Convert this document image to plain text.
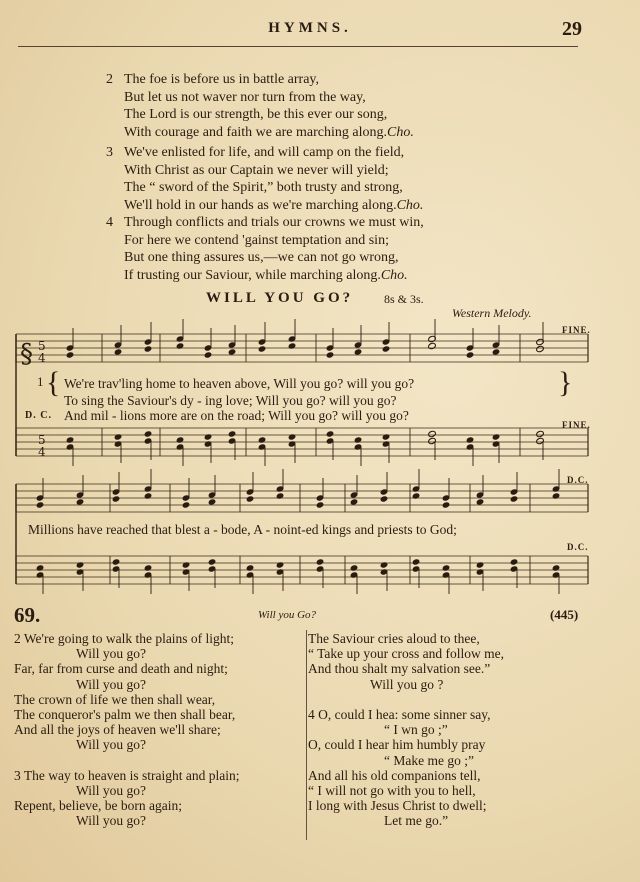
HYMNS.	29
2 The foe is before us in battle array,
But let us not waver nor turn from the way,
The Lord is our strength, be this ever our song,
With courage and faith we are marching along.Cho.
3 We've enlisted for life, and will camp on the field,
With Christ as our Captain we never will yield;
The “ sword of the Spirit,” both trusty and strong,
We'll hold in our hands as we're marching along.Cho.
4 Through conflicts and trials our crowns we must win,
For here we contend 'gainst temptation and sin;
But one thing assures us,—we can not go wrong,
If trusting our Saviour, while marching along.Cho.
WILL YOU GO?	8s & 3s.
Western Melody.
§ 5
4
5
4
FINE.
FINE.
D.C.
D.C.
1 {	}
We're trav'ling home to heaven above, Will you go? will you go?
To sing the Saviour's dy - ing love; Will you go? will you go?
D. C. And mil - lions more are on the road; Will you go? will you go?
Millions have reached that blest a - bode, A - noint-ed kings and priests to God;
69.	Will you Go?	(445)
2 We're going to walk the plains of light;
Will you go?
Far, far from curse and death and night;
Will you go?
The crown of life we then shall wear,
The conqueror's palm we then shall bear,
And all the joys of heaven we'll share;
Will you go?

3 The way to heaven is straight and plain;
Will you go?
Repent, believe, be born again;
Will you go?
The Saviour cries aloud to thee,
“ Take up your cross and follow me,
And thou shalt my salvation see.”
Will you go ?

4 O, could I hea: some sinner say,
“ I wn go ;”
O, could I hear him humbly pray
“ Make me go ;”
And all his old companions tell,
“ I will not go with you to hell,
I long with Jesus Christ to dwell;
Let me go.”
